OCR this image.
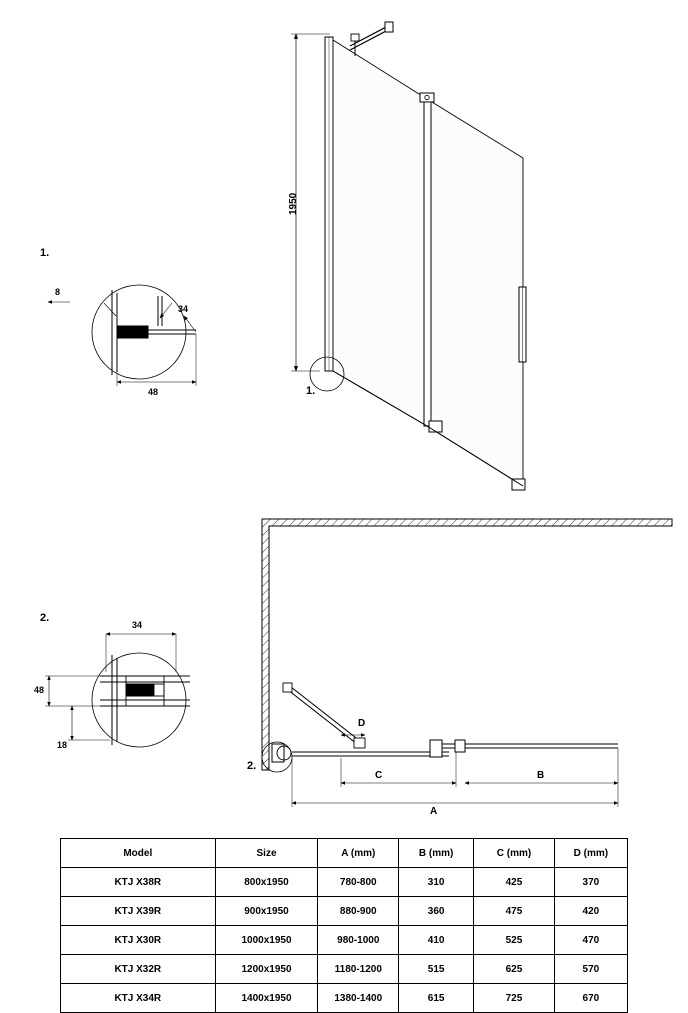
1950
1.
1.
8
34
48
2.
34
48
18
2.
D
C	B
A
Model	Size	A (mm)	B (mm)	C (mm)	D (mm)
KTJ X38R	800x1950	780-800	310	425	370
KTJ X39R	900x1950	880-900	360	475	420
KTJ X30R	1000x1950	980-1000	410	525	470
KTJ X32R	1200x1950	1180-1200	515	625	570
KTJ X34R	1400x1950	1380-1400	615	725	670
